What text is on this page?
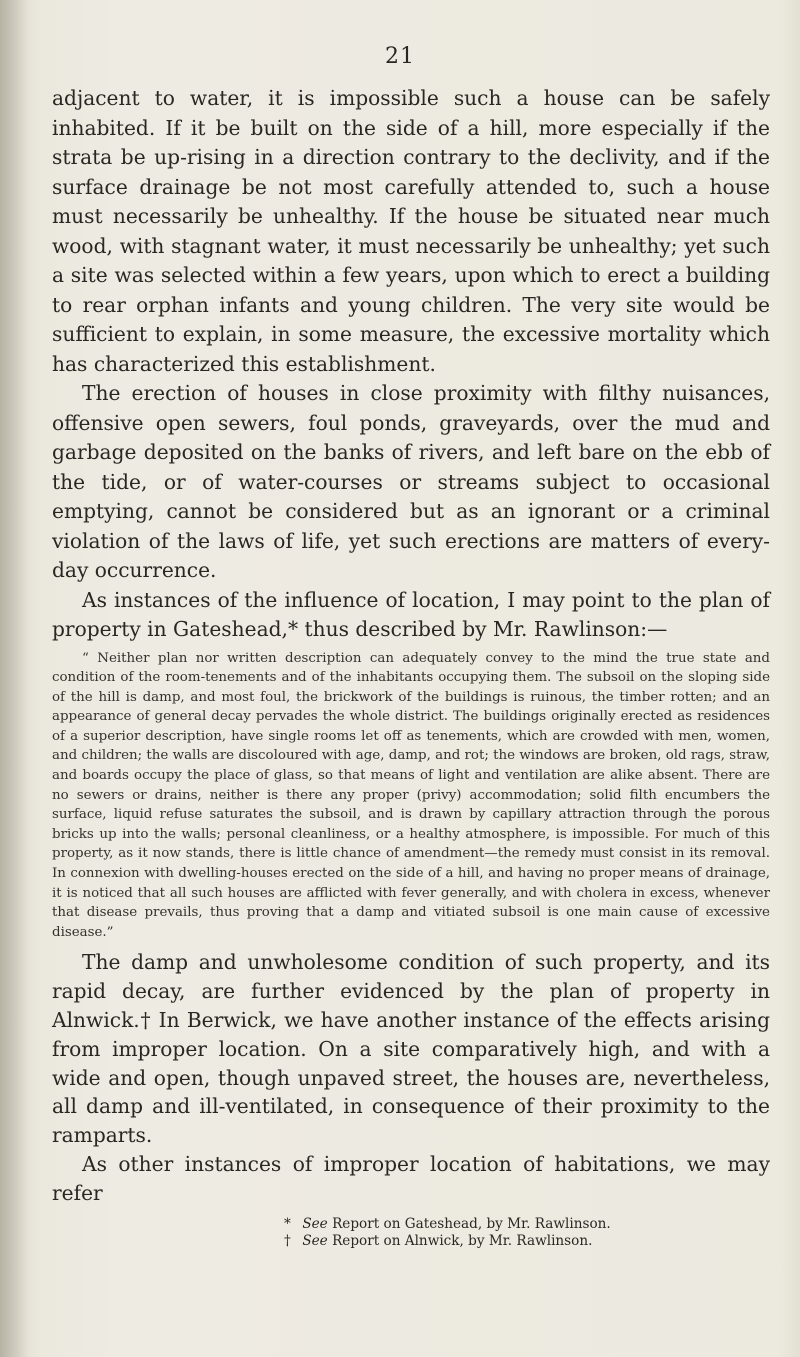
21

adjacent to water, it is impossible such a house can be safely inhabited. If it be built on the side of a hill, more especially if the strata be up-rising in a direction contrary to the declivity, and if the surface drainage be not most carefully attended to, such a house must necessarily be unhealthy. If the house be situated near much wood, with stagnant water, it must necessarily be unhealthy; yet such a site was selected within a few years, upon which to erect a building to rear orphan infants and young children. The very site would be sufficient to explain, in some measure, the excessive mortality which has characterized this establishment.

The erection of houses in close proximity with filthy nuisances, offensive open sewers, foul ponds, graveyards, over the mud and garbage deposited on the banks of rivers, and left bare on the ebb of the tide, or of water-courses or streams subject to occasional emptying, cannot be considered but as an ignorant or a criminal violation of the laws of life, yet such erections are matters of every-day occurrence.

As instances of the influence of location, I may point to the plan of property in Gateshead,* thus described by Mr. Rawlinson:—

“ Neither plan nor written description can adequately convey to the mind the true state and condition of the room-tenements and of the inhabitants occupying them. The subsoil on the sloping side of the hill is damp, and most foul, the brickwork of the buildings is ruinous, the timber rotten; and an appearance of general decay pervades the whole district. The buildings originally erected as residences of a superior description, have single rooms let off as tenements, which are crowded with men, women, and children; the walls are discoloured with age, damp, and rot; the windows are broken, old rags, straw, and boards occupy the place of glass, so that means of light and ventilation are alike absent. There are no sewers or drains, neither is there any proper (privy) accommodation; solid filth encumbers the surface, liquid refuse saturates the subsoil, and is drawn by capillary attraction through the porous bricks up into the walls; personal cleanliness, or a healthy atmosphere, is impossible. For much of this property, as it now stands, there is little chance of amendment—the remedy must consist in its removal. In connexion with dwelling-houses erected on the side of a hill, and having no proper means of drainage, it is noticed that all such houses are afflicted with fever generally, and with cholera in excess, whenever that disease prevails, thus proving that a damp and vitiated subsoil is one main cause of excessive disease.”

The damp and unwholesome condition of such property, and its rapid decay, are further evidenced by the plan of property in Alnwick.† In Berwick, we have another instance of the effects arising from improper location. On a site comparatively high, and with a wide and open, though unpaved street, the houses are, nevertheless, all damp and ill-ventilated, in consequence of their proximity to the ramparts.

As other instances of improper location of habitations, we may refer

* See Report on Gateshead, by Mr. Rawlinson.
† See Report on Alnwick, by Mr. Rawlinson.
